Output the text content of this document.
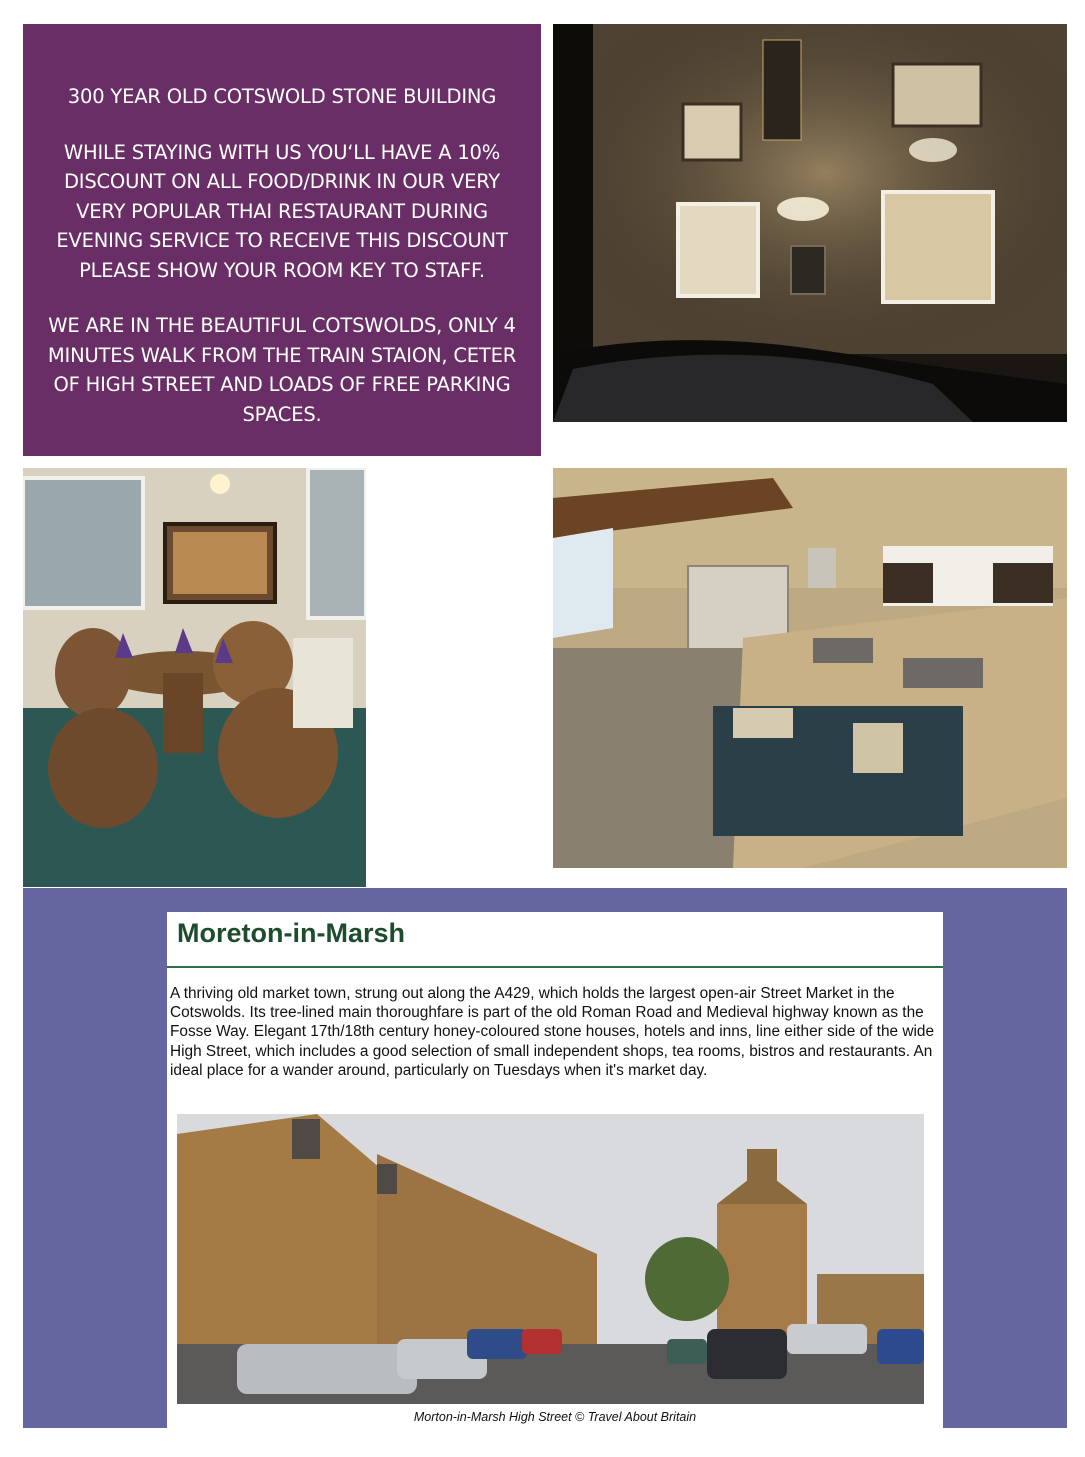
300 YEAR OLD COTSWOLD STONE BUILDING

WHILE STAYING WITH US YOU‘LL HAVE A 10% DISCOUNT ON ALL FOOD/DRINK IN OUR VERY VERY POPULAR THAI RESTAURANT DURING EVENING SERVICE TO RECEIVE THIS DISCOUNT PLEASE SHOW YOUR ROOM KEY TO STAFF.

WE ARE IN THE BEAUTIFUL COTSWOLDS, ONLY 4 MINUTES WALK FROM THE TRAIN STAION, CETER OF HIGH STREET AND LOADS OF FREE PARKING SPACES.

Moreton-in-Marsh
A thriving old market town, strung out along the A429, which holds the largest open-air Street Market in the Cotswolds. Its tree-lined main thoroughfare is part of the old Roman Road and Medieval highway known as the Fosse Way. Elegant 17th/18th century honey-coloured stone houses, hotels and inns, line either side of the wide High Street, which includes a good selection of small independent shops, tea rooms, bistros and restaurants. An ideal place for a wander around, particularly on Tuesdays when it's market day.
Morton-in-Marsh High Street © Travel About Britain
